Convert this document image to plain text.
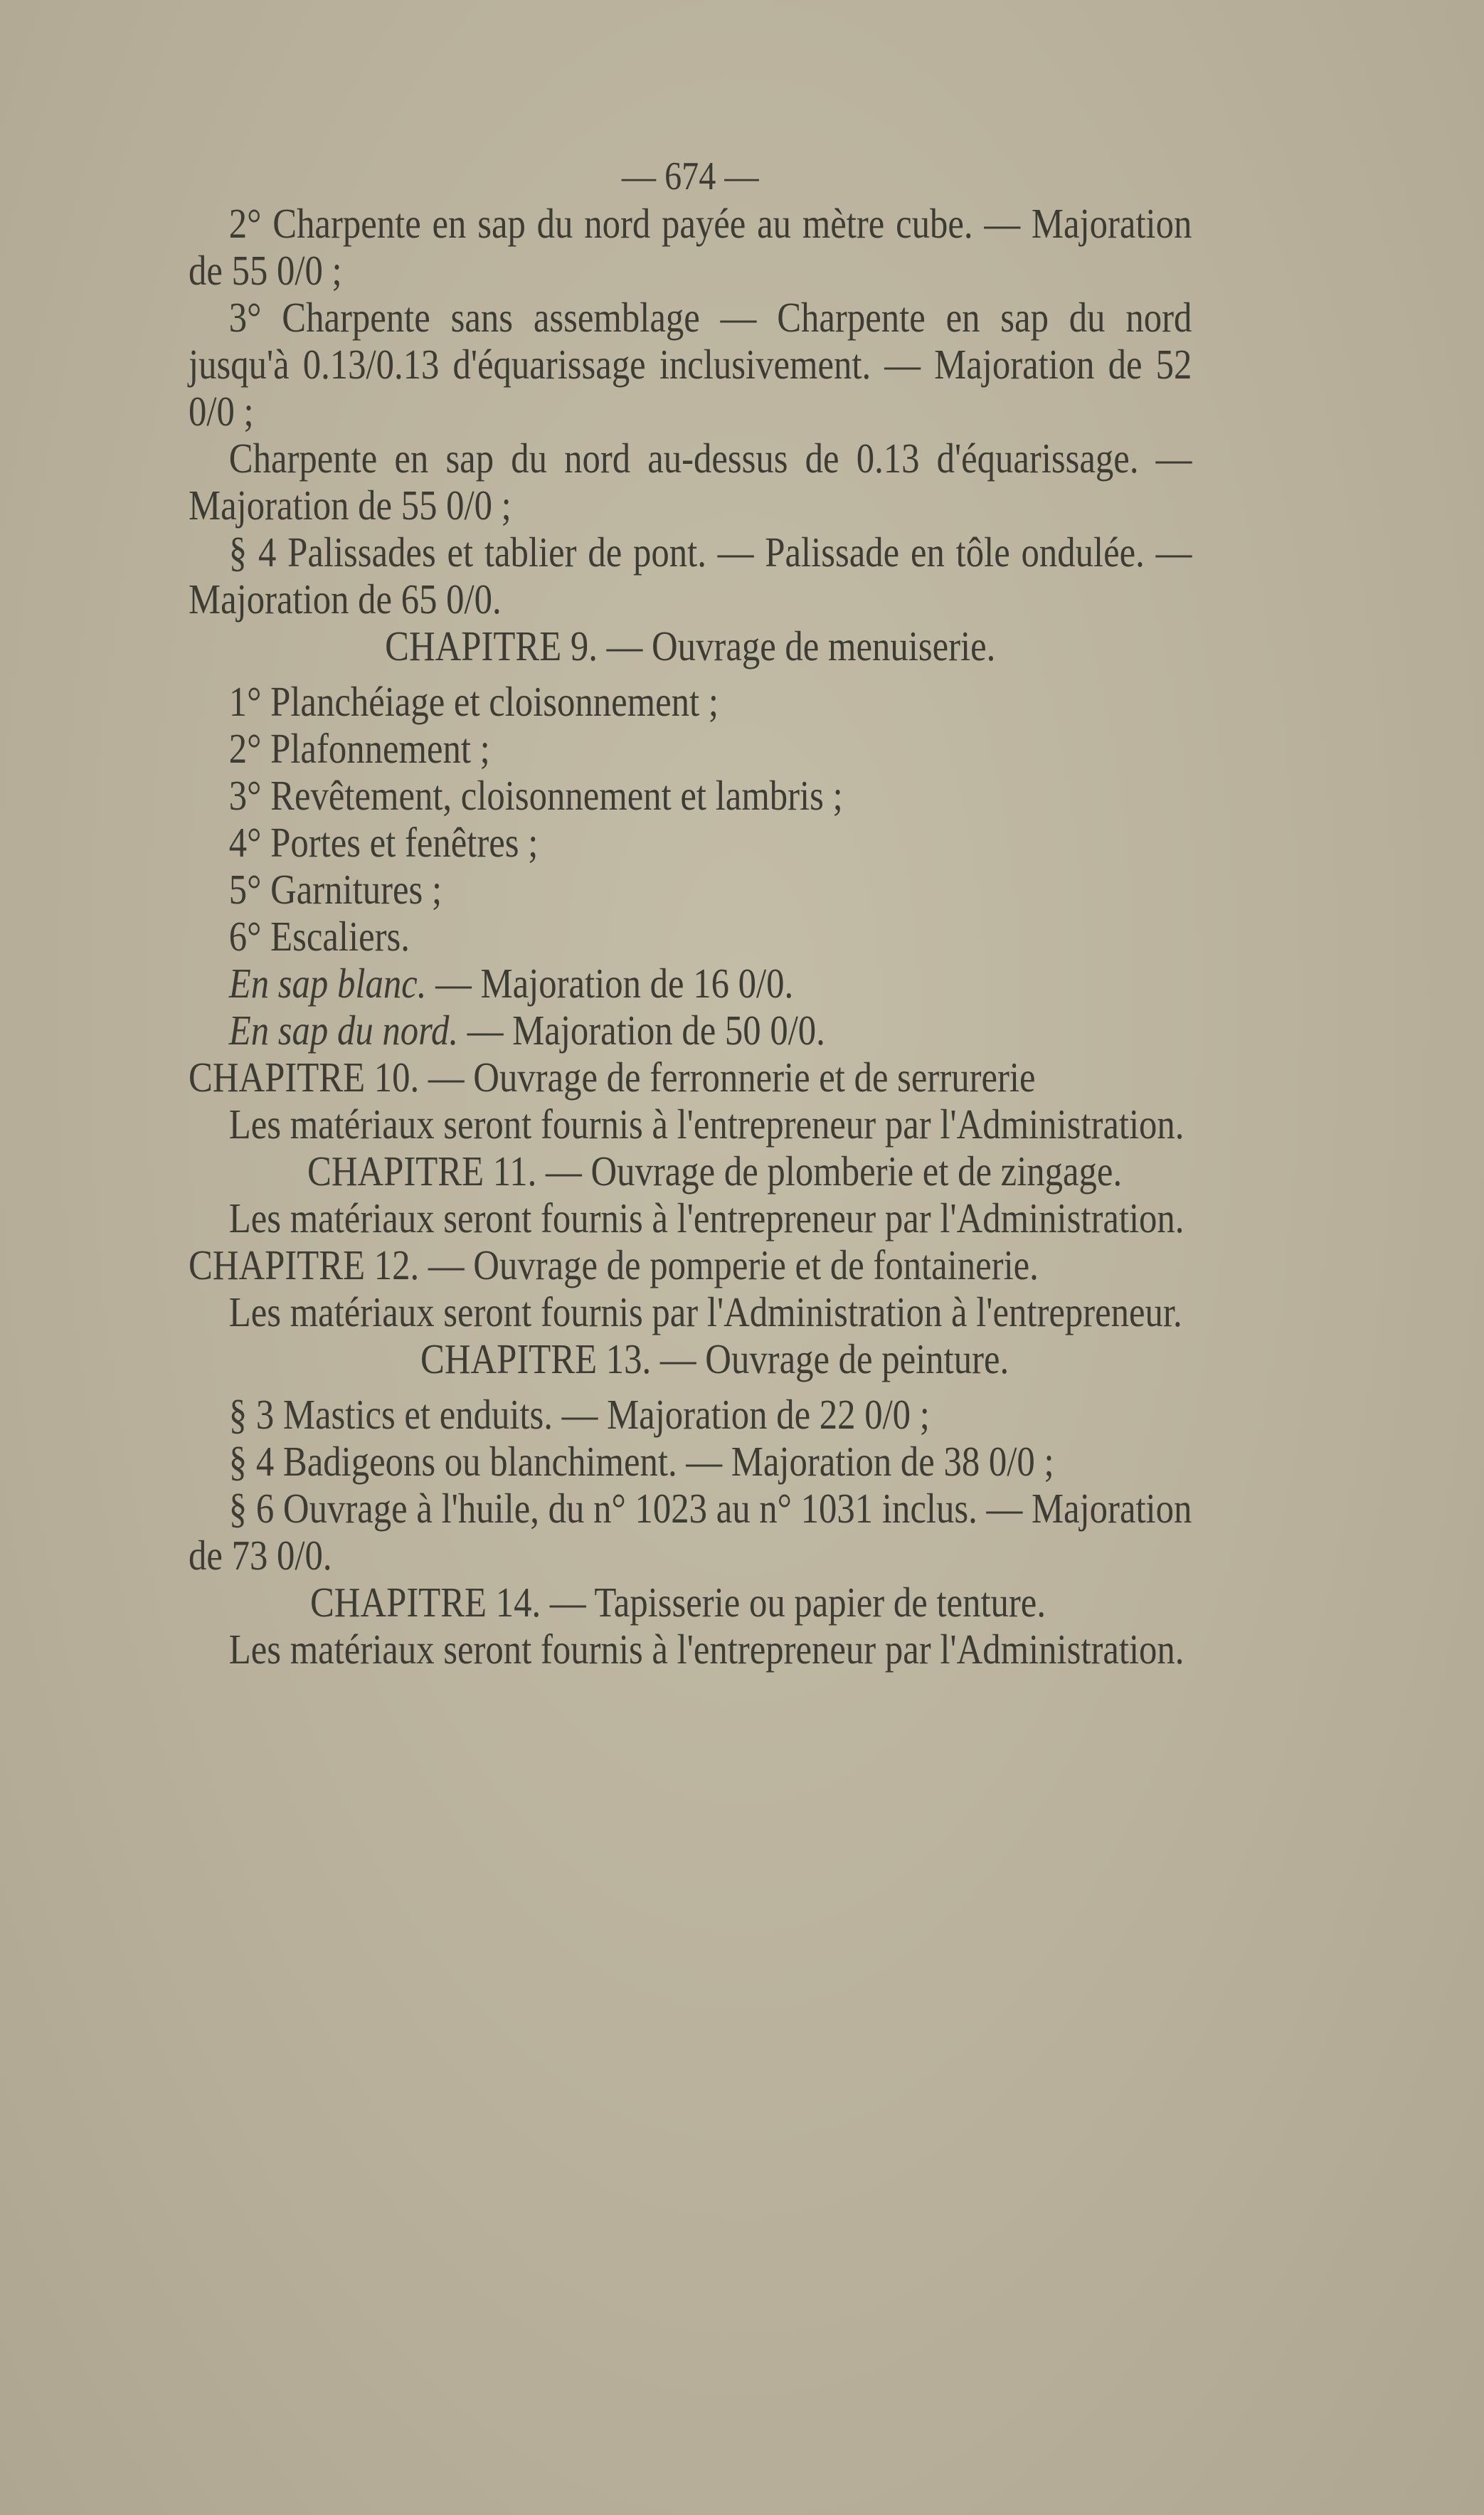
— 674 —

2° Charpente en sap du nord payée au mètre cube. — Majoration de 55 0/0 ;

3° Charpente sans assemblage — Charpente en sap du nord jusqu'à 0.13/0.13 d'équarissage inclusivement. — Majoration de 52 0/0 ;

Charpente en sap du nord au-dessus de 0.13 d'équarissage. — Majoration de 55 0/0 ;

§ 4 Palissades et tablier de pont. — Palissade en tôle ondulée. — Majoration de 65 0/0.

CHAPITRE 9. — Ouvrage de menuiserie.

1° Planchéiage et cloisonnement ;

2° Plafonnement ;

3° Revêtement, cloisonnement et lambris ;

4° Portes et fenêtres ;

5° Garnitures ;

6° Escaliers.

En sap blanc. — Majoration de 16 0/0.

En sap du nord. — Majoration de 50 0/0.

CHAPITRE 10. — Ouvrage de ferronnerie et de serrurerie

Les matériaux seront fournis à l'entrepreneur par l'Administration.

CHAPITRE 11. — Ouvrage de plomberie et de zingage.

Les matériaux seront fournis à l'entrepreneur par l'Administration.

CHAPITRE 12. — Ouvrage de pomperie et de fontainerie.

Les matériaux seront fournis par l'Administration à l'entrepreneur.

CHAPITRE 13. — Ouvrage de peinture.

§ 3 Mastics et enduits. — Majoration de 22 0/0 ;

§ 4 Badigeons ou blanchiment. — Majoration de 38 0/0 ;

§ 6 Ouvrage à l'huile, du n° 1023 au n° 1031 inclus. — Majoration de 73 0/0.

CHAPITRE 14. — Tapisserie ou papier de tenture.

Les matériaux seront fournis à l'entrepreneur par l'Administration.
